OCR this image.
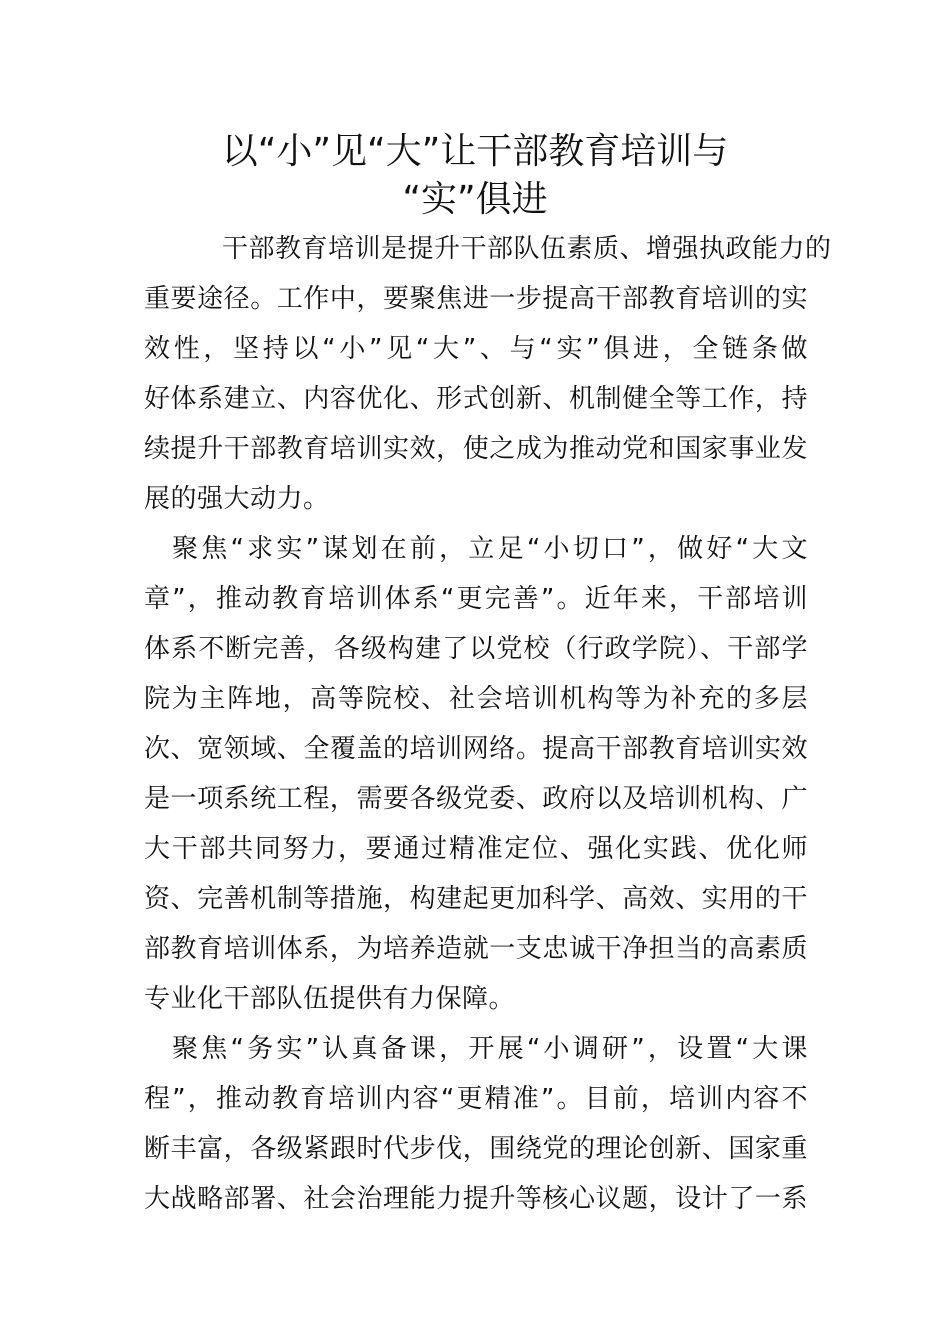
以“小”见“大”让干部教育培训与
“实”俱进
干部教育培训是提升干部队伍素质、增强执政能力的
重要途径。工作中，要聚焦进一步提高干部教育培训的实
效性，坚持以“小”见“大”、与“实”俱进，全链条做
好体系建立、内容优化、形式创新、机制健全等工作，持
续提升干部教育培训实效，使之成为推动党和国家事业发
展的强大动力。
聚焦“求实”谋划在前，立足“小切口”，做好“大文
章”，推动教育培训体系“更完善”。近年来，干部培训
体系不断完善，各级构建了以党校（行政学院）、干部学
院为主阵地，高等院校、社会培训机构等为补充的多层
次、宽领域、全覆盖的培训网络。提高干部教育培训实效
是一项系统工程，需要各级党委、政府以及培训机构、广
大干部共同努力，要通过精准定位、强化实践、优化师
资、完善机制等措施，构建起更加科学、高效、实用的干
部教育培训体系，为培养造就一支忠诚干净担当的高素质
专业化干部队伍提供有力保障。
聚焦“务实”认真备课，开展“小调研”，设置“大课
程”，推动教育培训内容“更精准”。目前，培训内容不
断丰富，各级紧跟时代步伐，围绕党的理论创新、国家重
大战略部署、社会治理能力提升等核心议题，设计了一系
